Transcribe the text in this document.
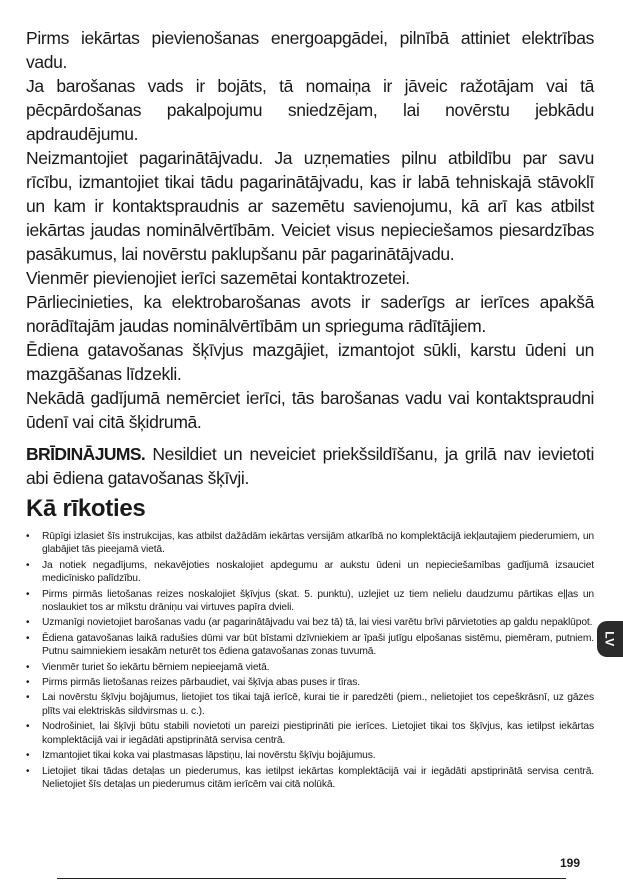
Pirms iekārtas pievienošanas energoapgādei, pilnībā attiniet elektrības vadu.

Ja barošanas vads ir bojāts, tā nomaiņa ir jāveic ražotājam vai tā pēcpārdošanas pakalpojumu sniedzējam, lai novērstu jebkādu apdraudējumu.

Neizmantojiet pagarinātājvadu. Ja uzņematies pilnu atbildību par savu rīcību, izmantojiet tikai tādu pagarinātājvadu, kas ir labā tehniskajā stāvoklī un kam ir kontaktspraudnis ar sazemētu savienojumu, kā arī kas atbilst iekārtas jaudas nominālvērtībām. Veiciet visus nepieciešamos piesardzības pasākumus, lai novērstu paklupšanu pār pagarinātājvadu.

Vienmēr pievienojiet ierīci sazemētai kontaktrozetei.

Pārliecinieties, ka elektrobarošanas avots ir saderīgs ar ierīces apakšā norādītajām jaudas nominālvērtībām un sprieguma rādītājiem.

Ēdiena gatavošanas šķīvjus mazgājiet, izmantojot sūkli, karstu ūdeni un mazgāšanas līdzekli.

Nekādā gadījumā nemērciet ierīci, tās barošanas vadu vai kontaktspraudni ūdenī vai citā šķidrumā.

BRĪDINĀJUMS. Nesildiet un neveiciet priekšsildīšanu, ja grilā nav ievietoti abi ēdiena gatavošanas šķīvji.

Kā rīkoties
• Rūpīgi izlasiet šīs instrukcijas, kas atbilst dažādām iekārtas versijām atkarībā no komplektācijā iekļautajiem piederumiem, un glabājiet tās pieejamā vietā.
• Ja notiek negadījums, nekavējoties noskalojiet apdegumu ar aukstu ūdeni un nepieciešamības gadījumā izsauciet medicīnisko palīdzību.
• Pirms pirmās lietošanas reizes noskalojiet šķīvjus (skat. 5. punktu), uzlejiet uz tiem nelielu daudzumu pārtikas eļļas un noslaukiet tos ar mīkstu drāniņu vai virtuves papīra dvieli.
• Uzmanīgi novietojiet barošanas vadu (ar pagarinātājvadu vai bez tā) tā, lai viesi varētu brīvi pārvietoties ap galdu nepaklūpot.
• Ēdiena gatavošanas laikā radušies dūmi var būt bīstami dzīvniekiem ar īpaši jutīgu elpošanas sistēmu, piemēram, putniem. Putnu saimniekiem iesakām neturēt tos ēdiena gatavošanas zonas tuvumā.
• Vienmēr turiet šo iekārtu bērniem nepieejamā vietā.
• Pirms pirmās lietošanas reizes pārbaudiet, vai šķīvja abas puses ir tīras.
• Lai novērstu šķīvju bojājumus, lietojiet tos tikai tajā ierīcē, kurai tie ir paredzēti (piem., nelietojiet tos cepeškrāsnī, uz gāzes plīts vai elektriskās sildvirsmas u. c.).
• Nodrošiniet, lai šķīvji būtu stabili novietoti un pareizi piestiprināti pie ierīces. Lietojiet tikai tos šķīvjus, kas ietilpst iekārtas komplektācijā vai ir iegādāti apstiprinātā servisa centrā.
• Izmantojiet tikai koka vai plastmasas lāpstiņu, lai novērstu šķīvju bojājumus.
• Lietojiet tikai tādas detaļas un piederumus, kas ietilpst iekārtas komplektācijā vai ir iegādāti apstiprinātā servisa centrā. Nelietojiet šīs detaļas un piederumus citām ierīcēm vai citā nolūkā.
LV
199
